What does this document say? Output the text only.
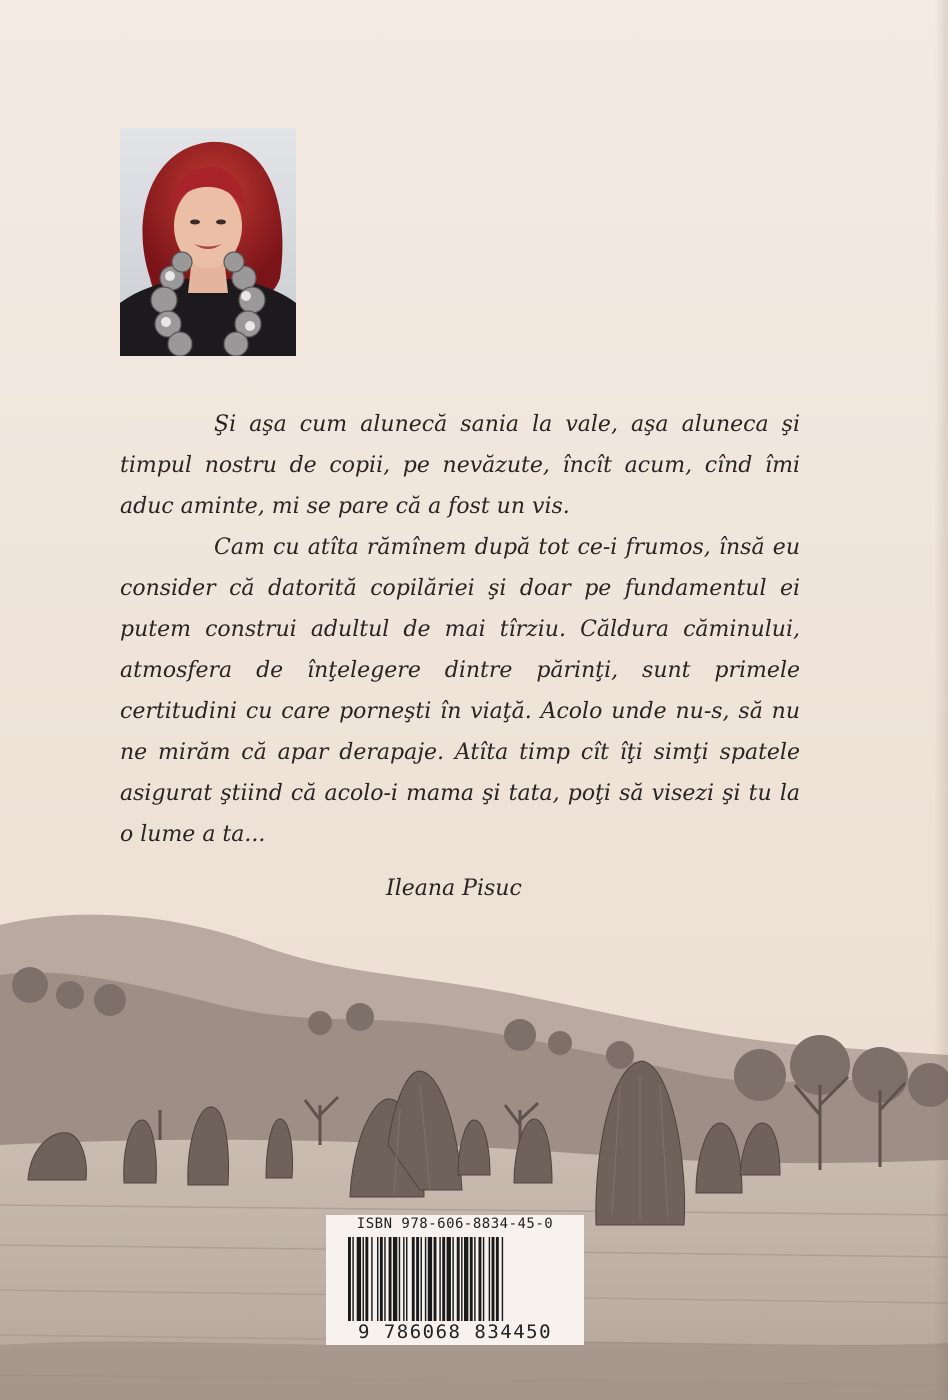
Şi aşa cum alunecă sania la vale, aşa aluneca şi timpul nostru de copii, pe nevăzute, încît acum, cînd îmi aduc aminte, mi se pare că a fost un vis.

Cam cu atîta rămînem după tot ce-i frumos, însă eu consider că datorită copilăriei şi doar pe fundamentul ei putem construi adultul de mai tîrziu. Căldura căminului, atmosfera de înţelegere dintre părinţi, sunt primele certitudini cu care porneşti în viaţă. Acolo unde nu-s, să nu ne mirăm că apar derapaje. Atîta timp cît îţi simţi spatele asigurat ştiind că acolo-i mama şi tata, poţi să visezi şi tu la o lume a ta...

Ileana Pisuc
ISBN 978-606-8834-45-0
9 786068 834450
